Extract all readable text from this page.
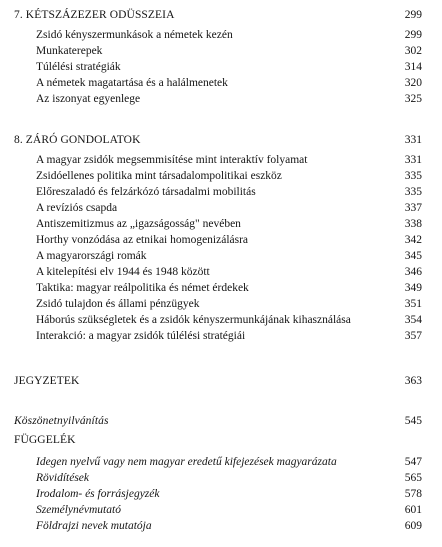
7. KÉTSZÁZEZER ODÜSSZEIA	299
Zsidó kényszermunkások a németek kezén	299
Munkaterepek	302
Túlélési stratégiák	314
A németek magatartása és a halálmenetek	320
Az iszonyat egyenlege	325
8. ZÁRÓ GONDOLATOK	331
A magyar zsidók megsemmisítése mint interaktív folyamat	331
Zsidóellenes politika mint társadalompolitikai eszköz	335
Előreszaladó és felzárkózó társadalmi mobilitás	335
A revíziós csapda	337
Antiszemitizmus az „igazságosság" nevében	338
Horthy vonzódása az etnikai homogenizálásra	342
A magyarországi romák	345
A kitelepítési elv 1944 és 1948 között	346
Taktika: magyar reálpolitika és német érdekek	349
Zsidó tulajdon és állami pénzügyek	351
Háborús szükségletek és a zsidók kényszermunkájának kihasználása	354
Interakció: a magyar zsidók túlélési stratégiái	357
JEGYZETEK	363
Köszönetnyilvánítás	545
FÜGGELÉK
Idegen nyelvű vagy nem magyar eredetű kifejezések magyarázata	547
Rövidítések	565
Irodalom- és forrásjegyzék	578
Személynévmutató	601
Földrajzi nevek mutatója	609
